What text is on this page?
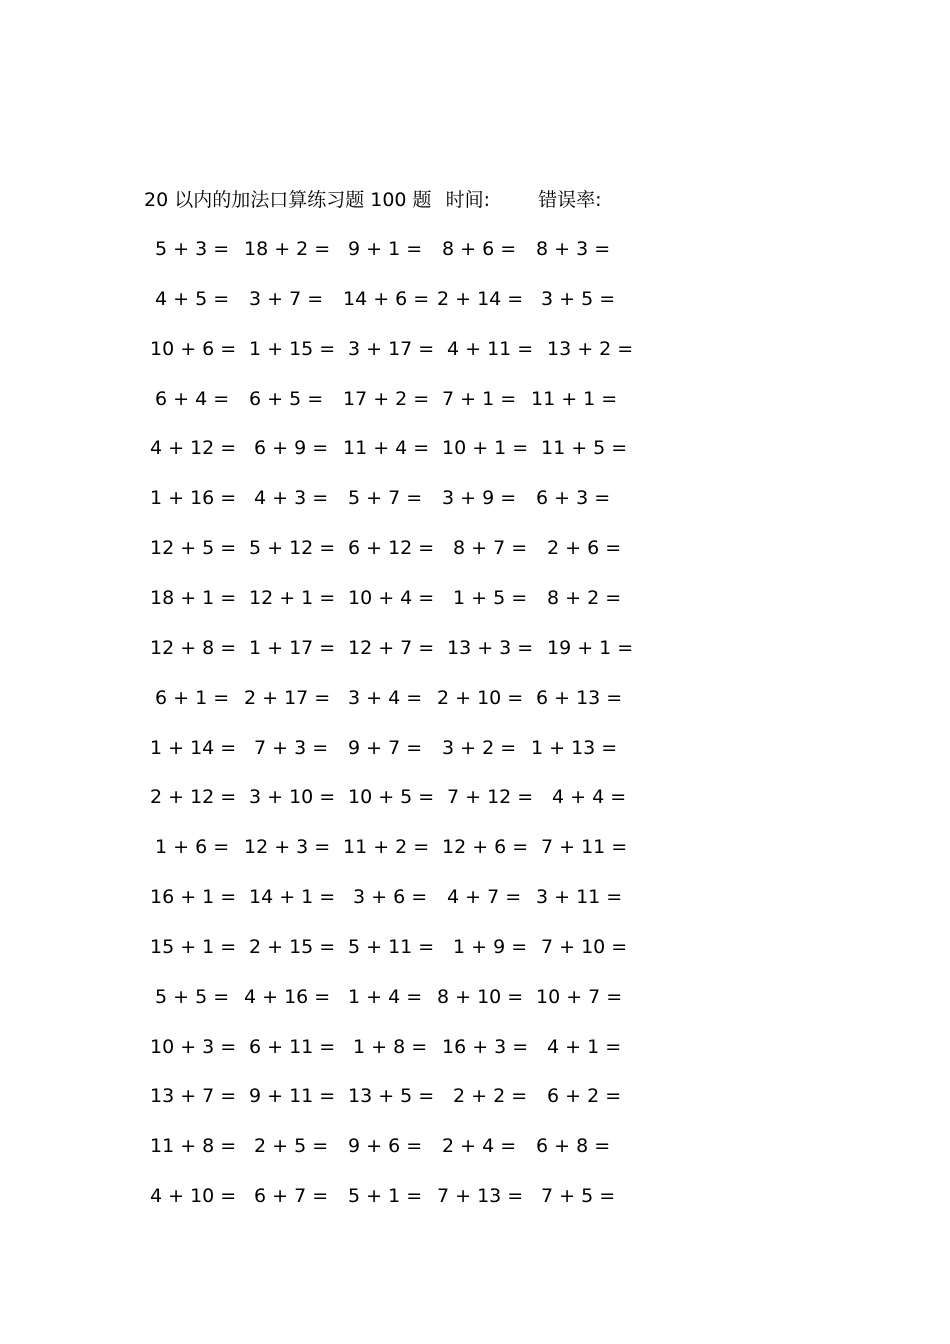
20 以内的加法口算练习题 100 题 时间:	错误率:
5 + 3 = 18 + 2 = 9 + 1 = 8 + 6 = 8 + 3 =
4 + 5 = 3 + 7 = 14 + 6 = 2 + 14 = 3 + 5 =
10 + 6 = 1 + 15 = 3 + 17 = 4 + 11 = 13 + 2 =
6 + 4 = 6 + 5 = 17 + 2 = 7 + 1 = 11 + 1 =
4 + 12 = 6 + 9 = 11 + 4 = 10 + 1 = 11 + 5 =
1 + 16 = 4 + 3 = 5 + 7 = 3 + 9 = 6 + 3 =
12 + 5 = 5 + 12 = 6 + 12 = 8 + 7 = 2 + 6 =
18 + 1 = 12 + 1 = 10 + 4 = 1 + 5 = 8 + 2 =
12 + 8 = 1 + 17 = 12 + 7 = 13 + 3 = 19 + 1 =
6 + 1 = 2 + 17 = 3 + 4 = 2 + 10 = 6 + 13 =
1 + 14 = 7 + 3 = 9 + 7 = 3 + 2 = 1 + 13 =
2 + 12 = 3 + 10 = 10 + 5 = 7 + 12 = 4 + 4 =
1 + 6 = 12 + 3 = 11 + 2 = 12 + 6 = 7 + 11 =
16 + 1 = 14 + 1 = 3 + 6 = 4 + 7 = 3 + 11 =
15 + 1 = 2 + 15 = 5 + 11 = 1 + 9 = 7 + 10 =
5 + 5 = 4 + 16 = 1 + 4 = 8 + 10 = 10 + 7 =
10 + 3 = 6 + 11 = 1 + 8 = 16 + 3 = 4 + 1 =
13 + 7 = 9 + 11 = 13 + 5 = 2 + 2 = 6 + 2 =
11 + 8 = 2 + 5 = 9 + 6 = 2 + 4 = 6 + 8 =
4 + 10 = 6 + 7 = 5 + 1 = 7 + 13 = 7 + 5 =
